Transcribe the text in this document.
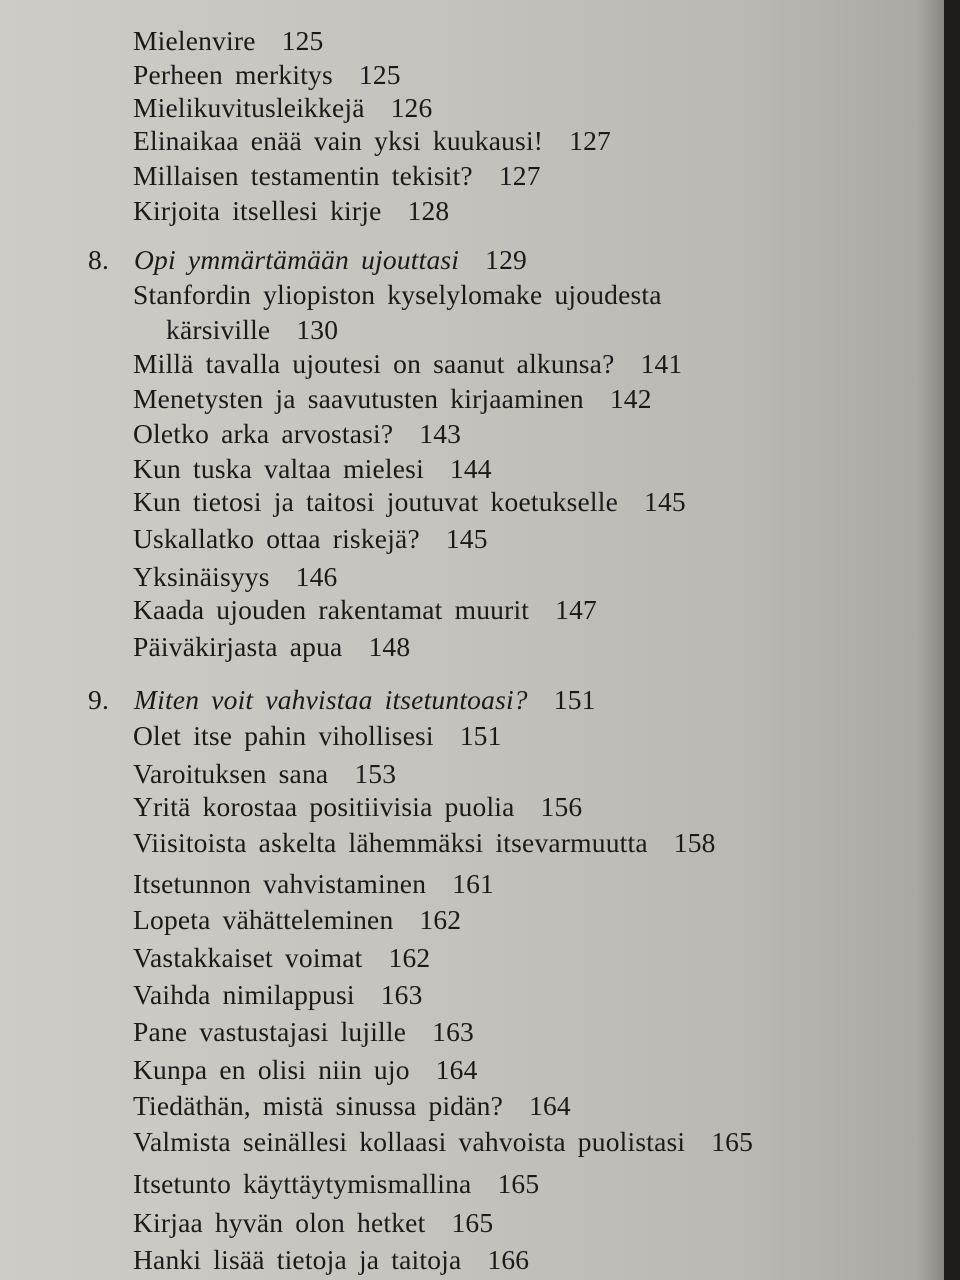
Mielenvire 125
Perheen merkitys 125
Mielikuvitusleikkejä 126
Elinaikaa enää vain yksi kuukausi! 127
Millaisen testamentin tekisit? 127
Kirjoita itsellesi kirje 128
8. Opi ymmärtämään ujouttasi 129
Stanfordin yliopiston kyselylomake ujoudesta
kärsiville 130
Millä tavalla ujoutesi on saanut alkunsa? 141
Menetysten ja saavutusten kirjaaminen 142
Oletko arka arvostasi? 143
Kun tuska valtaa mielesi 144
Kun tietosi ja taitosi joutuvat koetukselle 145
Uskallatko ottaa riskejä? 145
Yksinäisyys 146
Kaada ujouden rakentamat muurit 147
Päiväkirjasta apua 148
9. Miten voit vahvistaa itsetuntoasi? 151
Olet itse pahin vihollisesi 151
Varoituksen sana 153
Yritä korostaa positiivisia puolia 156
Viisitoista askelta lähemmäksi itsevarmuutta 158
Itsetunnon vahvistaminen 161
Lopeta vähätteleminen 162
Vastakkaiset voimat 162
Vaihda nimilappusi 163
Pane vastustajasi lujille 163
Kunpa en olisi niin ujo 164
Tiedäthän, mistä sinussa pidän? 164
Valmista seinällesi kollaasi vahvoista puolistasi 165
Itsetunto käyttäytymismallina 165
Kirjaa hyvän olon hetket 165
Hanki lisää tietoja ja taitoja 166
